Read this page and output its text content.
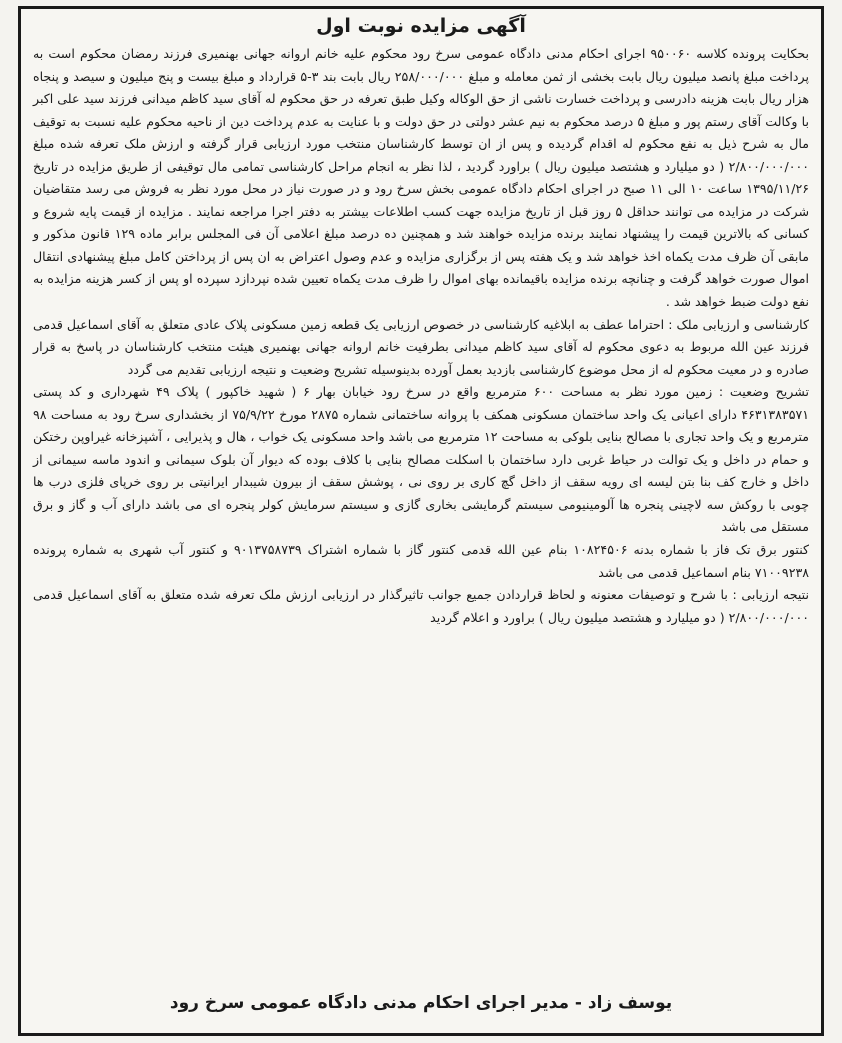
آگهی مزایده نوبت اول

بحکایت پرونده کلاسه ۹۵۰۰۶۰ اجرای احکام مدنی دادگاه عمومی سرخ رود محکوم علیه خانم اروانه جهانی بهنمیری فرزند رمضان محکوم است به پرداخت مبلغ پانصد میلیون ریال بابت بخشی از ثمن معامله و مبلغ ۲۵۸/۰۰۰/۰۰۰ ریال بابت بند ۳-۵ قرارداد و مبلغ بیست و پنج میلیون و سیصد و پنجاه هزار ریال بابت هزینه دادرسی و پرداخت خسارت ناشی از حق الوکاله وکیل طبق تعرفه در حق محکوم له آقای سید کاظم میدانی فرزند سید علی اکبر با وکالت آقای رستم پور و مبلغ ۵ درصد محکوم به نیم عشر دولتی در حق دولت و با عنایت به عدم پرداخت دین از ناحیه محکوم علیه نسبت به توقیف مال به شرح ذیل به نفع محکوم له اقدام گردیده و پس از ان توسط کارشناسان منتخب مورد ارزیابی قرار گرفته و ارزش ملک تعرفه شده مبلغ ۲/۸۰۰/۰۰۰/۰۰۰ ( دو میلیارد و هشتصد میلیون ریال ) براورد گردید ، لذا نظر به انجام مراحل کارشناسی تمامی مال توقیفی از طریق مزایده در تاریخ ۱۳۹۵/۱۱/۲۶ ساعت ۱۰ الی ۱۱ صبح در اجرای احکام دادگاه عمومی بخش سرخ رود و در صورت نیاز در محل مورد نظر به فروش می رسد متقاضیان شرکت در مزایده می توانند حداقل ۵ روز قبل از تاریخ مزایده جهت کسب اطلاعات بیشتر به دفتر اجرا مراجعه نمایند . مزایده از قیمت پایه شروع و کسانی که بالاترین قیمت را پیشنهاد نمایند برنده مزایده خواهند شد و همچنین ده درصد مبلغ اعلامی آن فی المجلس برابر ماده ۱۲۹ قانون مذکور و مابقی آن ظرف مدت یکماه اخذ خواهد شد و یک هفته پس از برگزاری مزایده و عدم وصول اعتراض به ان پس از پرداختن کامل مبلغ پیشنهادی انتقال اموال صورت خواهد گرفت و چنانچه برنده مزایده باقیمانده بهای اموال را ظرف مدت یکماه تعیین شده نپردازد سپرده او پس از کسر هزینه مزایده به نفع دولت ضبط خواهد شد .

کارشناسی و ارزیابی ملک : احتراما عطف به ابلاغیه کارشناسی در خصوص ارزیابی یک قطعه زمین مسکونی پلاک عادی متعلق به آقای اسماعیل قدمی فرزند عین الله مربوط به دعوی محکوم له آقای سید کاظم میدانی بطرفیت خانم اروانه جهانی بهنمیری هیئت منتخب کارشناسان در پاسخ به قرار صادره و در معیت محکوم له از محل موضوع کارشناسی بازدید بعمل آورده بدینوسیله تشریح وضعیت و نتیجه ارزیابی تقدیم می گردد

تشریح وضعیت : زمین مورد نظر به مساحت ۶۰۰ مترمربع واقع در سرخ رود خیابان بهار ۶ ( شهید خاکپور ) پلاک ۴۹ شهرداری و کد پستی ۴۶۳۱۳۸۳۵۷۱ دارای اعیانی یک واحد ساختمان مسکونی همکف با پروانه ساختمانی شماره ۲۸۷۵ مورخ ۷۵/۹/۲۲ از بخشداری سرخ رود به مساحت ۹۸ مترمربع و یک واحد تجاری با مصالح بنایی بلوکی به مساحت ۱۲ مترمربع می باشد واحد مسکونی یک خواب ، هال و پذیرایی ، آشپزخانه غیراوپن رختکن و حمام در داخل و یک توالت در حیاط غربی دارد ساختمان با اسکلت مصالح بنایی با کلاف بوده که دیوار آن بلوک سیمانی و اندود ماسه سیمانی از داخل و خارج کف بنا بتن لیسه ای رویه سقف از داخل گچ کاری بر روی نی ، پوشش سقف از بیرون شیبدار ایرانیتی بر روی خرپای فلزی درب ها چوبی با روکش سه لاچینی پنجره ها آلومینیومی سیستم گرمایشی بخاری گازی و سیستم سرمایش کولر پنجره ای می باشد دارای آب و گاز و برق مستقل می باشد

کنتور برق تک فاز با شماره بدنه ۱۰۸۲۴۵۰۶ بنام عین الله قدمی کنتور گاز با شماره اشتراک ۹۰۱۳۷۵۸۷۳۹ و کنتور آب شهری به شماره پرونده ۷۱۰۰۹۲۳۸ بنام اسماعیل قدمی می باشد

نتیجه ارزیابی : با شرح و توصیفات معنونه و لحاظ قراردادن جمیع جوانب تاثیرگذار در ارزیابی ارزش ملک تعرفه شده متعلق به آقای اسماعیل قدمی ۲/۸۰۰/۰۰۰/۰۰۰ ( دو میلیارد و هشتصد میلیون ریال ) براورد و اعلام گردید

یوسف زاد - مدیر اجرای احکام مدنی دادگاه عمومی سرخ رود
